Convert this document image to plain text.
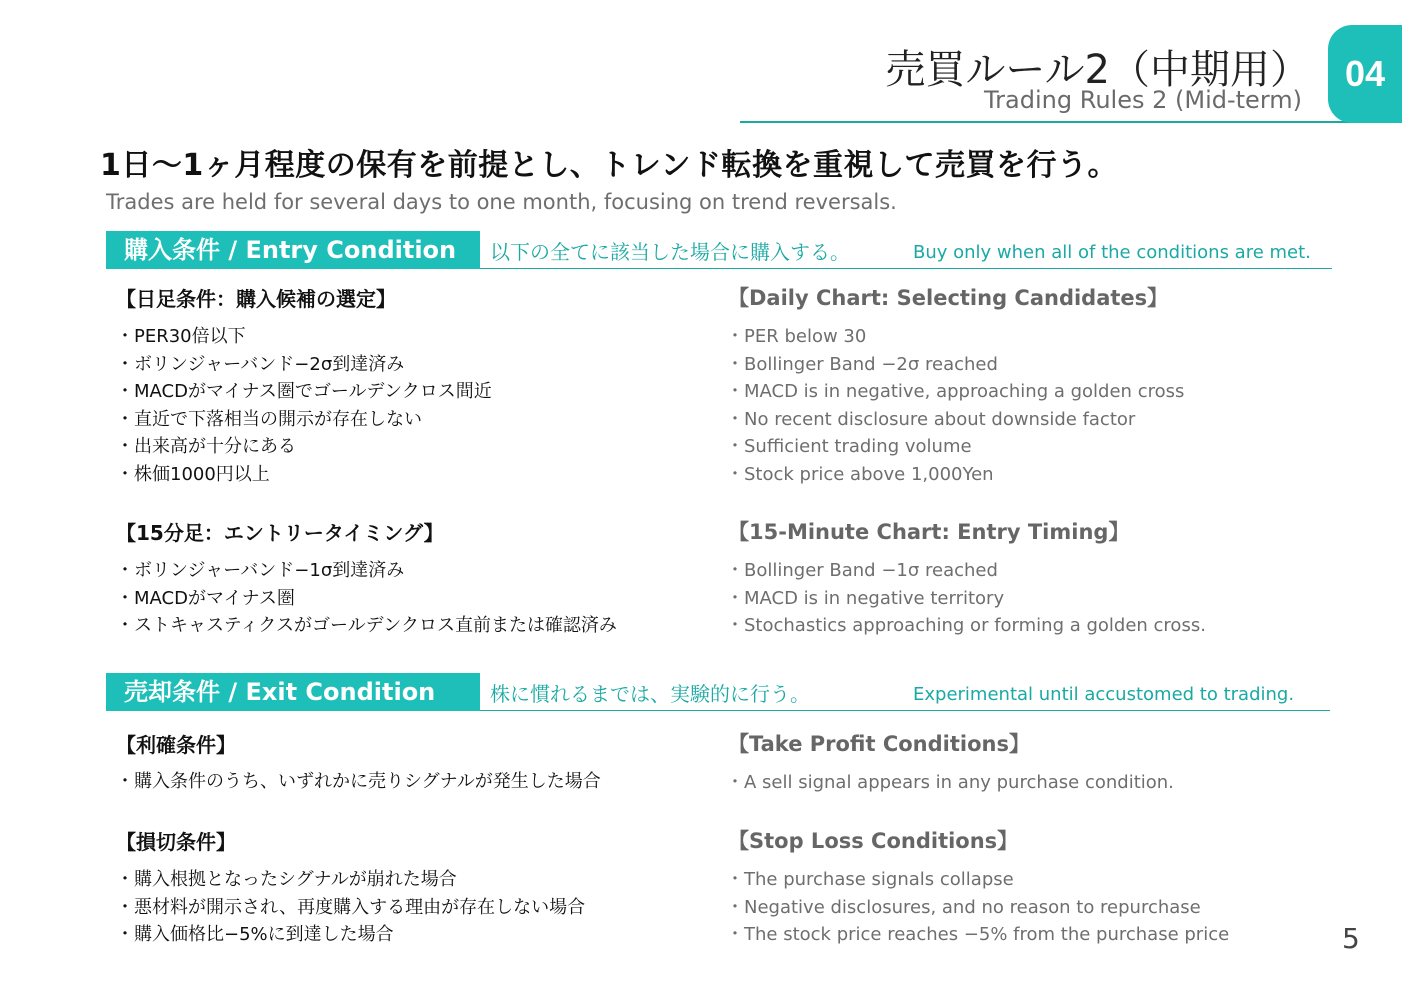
売買ルール2（中期用）
Trading Rules 2 (Mid-term)
04
1日〜1ヶ月程度の保有を前提とし、トレンド転換を重視して売買を行う。
Trades are held for several days to one month, focusing on trend reversals.
購入条件 / Entry Condition	以下の全てに該当した場合に購入する。	Buy only when all of the conditions are met.
【日足条件：購入候補の選定】	【Daily Chart: Selecting Candidates】
・PER30倍以下
・ボリンジャーバンド−2σ到達済み
・MACDがマイナス圏でゴールデンクロス間近
・直近で下落相当の開示が存在しない
・出来高が十分にある
・株価1000円以上
・PER below 30
・Bollinger Band −2σ reached
・MACD is in negative, approaching a golden cross
・No recent disclosure about downside factor
・Sufficient trading volume
・Stock price above 1,000Yen
【15分足：エントリータイミング】	【15-Minute Chart: Entry Timing】
・ボリンジャーバンド−1σ到達済み
・MACDがマイナス圏
・ストキャスティクスがゴールデンクロス直前または確認済み
・Bollinger Band −1σ reached
・MACD is in negative territory
・Stochastics approaching or forming a golden cross.
売却条件 / Exit Condition	株に慣れるまでは、実験的に行う。	Experimental until accustomed to trading.
【利確条件】	【Take Profit Conditions】
・購入条件のうち、いずれかに売りシグナルが発生した場合	・A sell signal appears in any purchase condition.
【損切条件】	【Stop Loss Conditions】
・購入根拠となったシグナルが崩れた場合
・悪材料が開示され、再度購入する理由が存在しない場合
・購入価格比−5%に到達した場合
・The purchase signals collapse
・Negative disclosures, and no reason to repurchase
・The stock price reaches −5% from the purchase price	5
